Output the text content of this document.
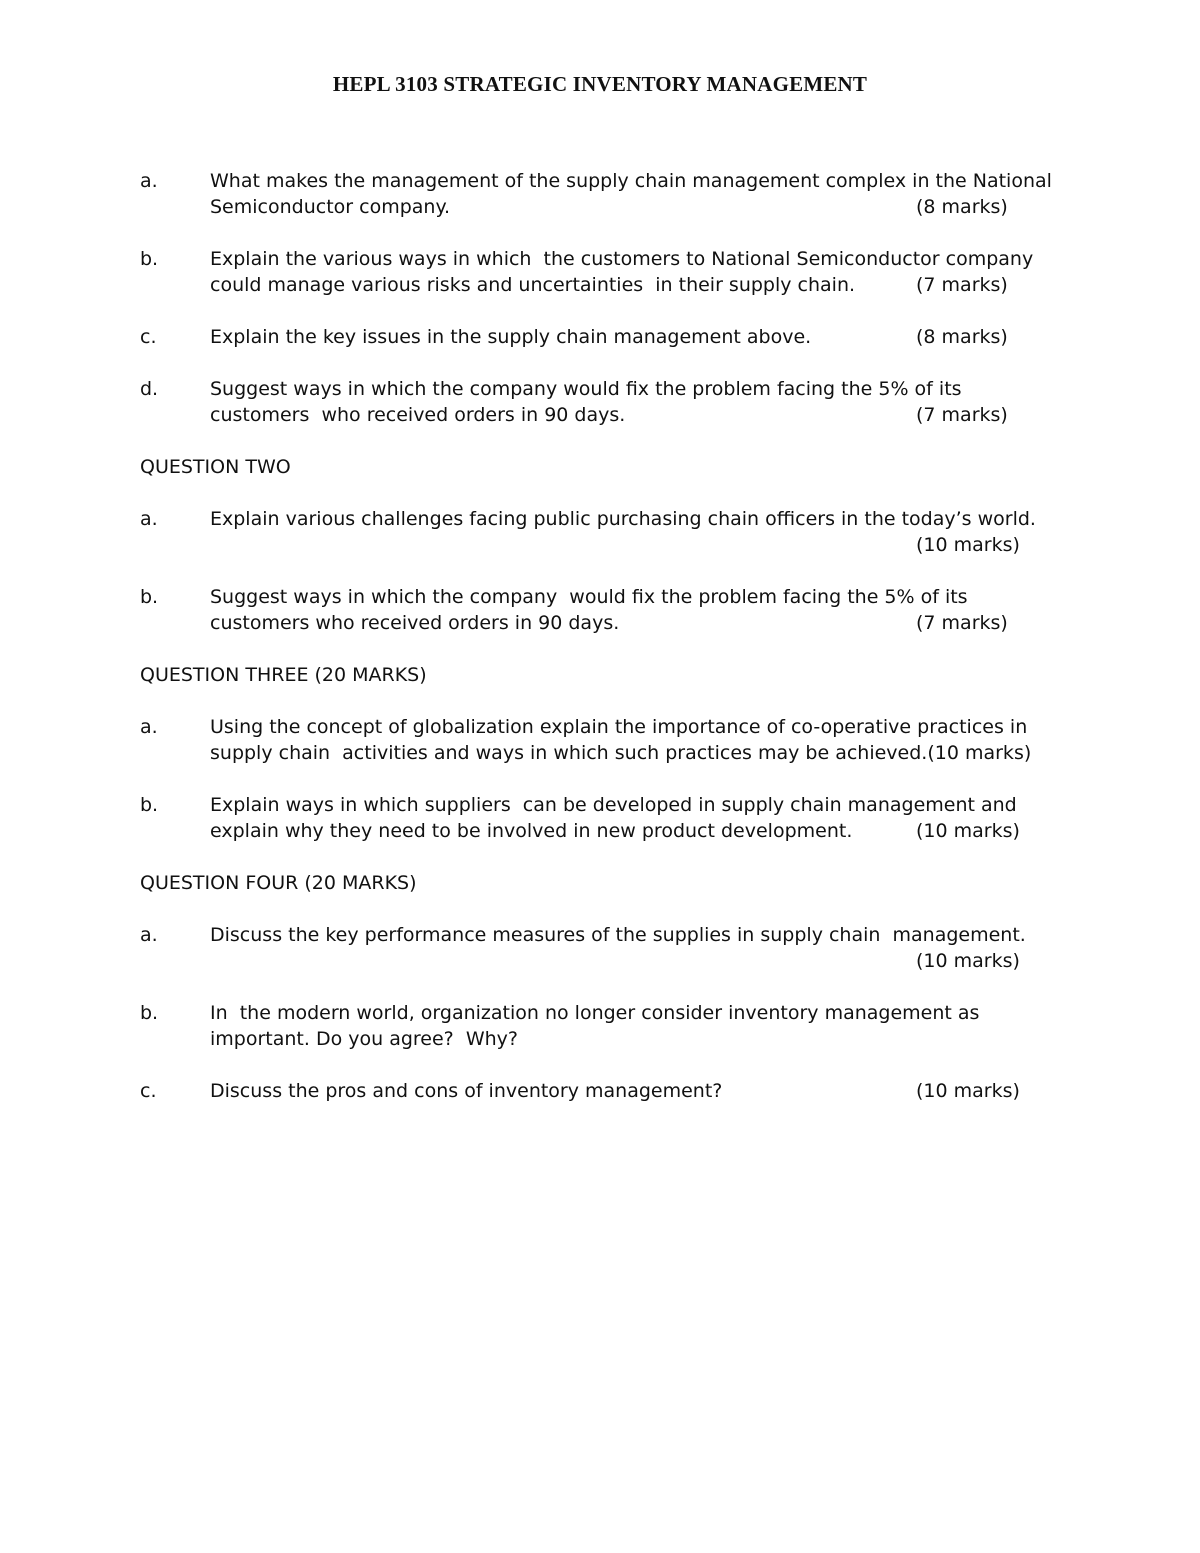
HEPL 3103 STRATEGIC INVENTORY MANAGEMENT
a.	What makes the management of the supply chain management complex in the National
Semiconductor company.	(8 marks)
b.	Explain the various ways in which  the customers to National Semiconductor company
could manage various risks and uncertainties  in their supply chain.	(7 marks)
c.	Explain the key issues in the supply chain management above.	(8 marks)
d.	Suggest ways in which the company would fix the problem facing the 5% of its
customers  who received orders in 90 days.	(7 marks)
QUESTION TWO
a.	Explain various challenges facing public purchasing chain officers in the today’s world.
(10 marks)
b.	Suggest ways in which the company  would fix the problem facing the 5% of its
customers who received orders in 90 days.	(7 marks)
QUESTION THREE (20 MARKS)
a.	Using the concept of globalization explain the importance of co-operative practices in
supply chain  activities and ways in which such practices may be achieved.(10 marks)
b.	Explain ways in which suppliers  can be developed in supply chain management and
explain why they need to be involved in new product development.	(10 marks)
QUESTION FOUR (20 MARKS)
a.	Discuss the key performance measures of the supplies in supply chain  management.
(10 marks)
b.	In  the modern world, organization no longer consider inventory management as
important. Do you agree?  Why?
c.	Discuss the pros and cons of inventory management?	(10 marks)
